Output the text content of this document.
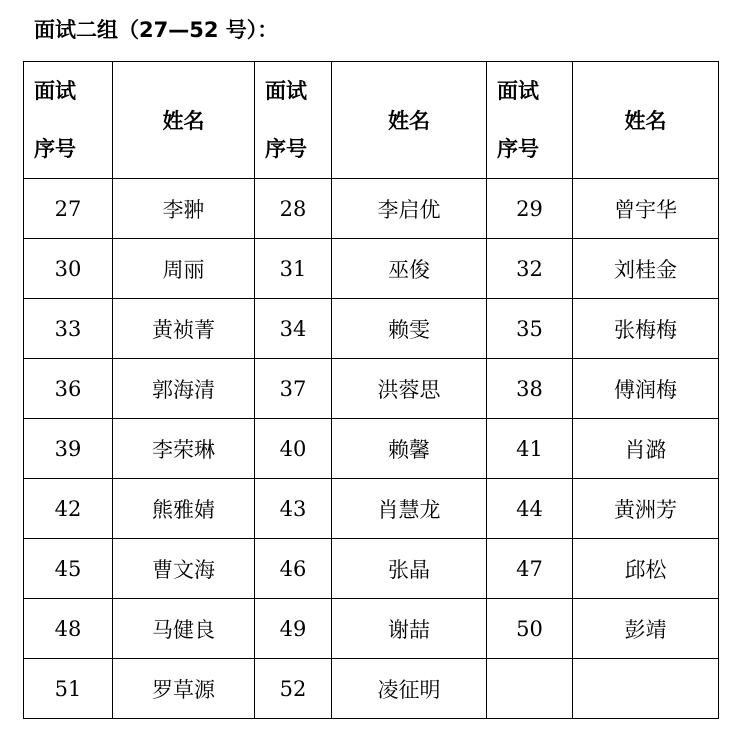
面试二组（27—52 号）：
面试
序号	姓名	面试
序号	姓名	面试
序号	姓名
27	李翀	28	李启优	29	曾宇华
30	周丽	31	巫俊	32	刘桂金
33	黄祯菁	34	赖雯	35	张梅梅
36	郭海清	37	洪蓉思	38	傅润梅
39	李荣琳	40	赖馨	41	肖潞
42	熊雅婧	43	肖慧龙	44	黄洲芳
45	曹文海	46	张晶	47	邱松
48	马健良	49	谢喆	50	彭靖
51	罗草源	52	凌征明		
